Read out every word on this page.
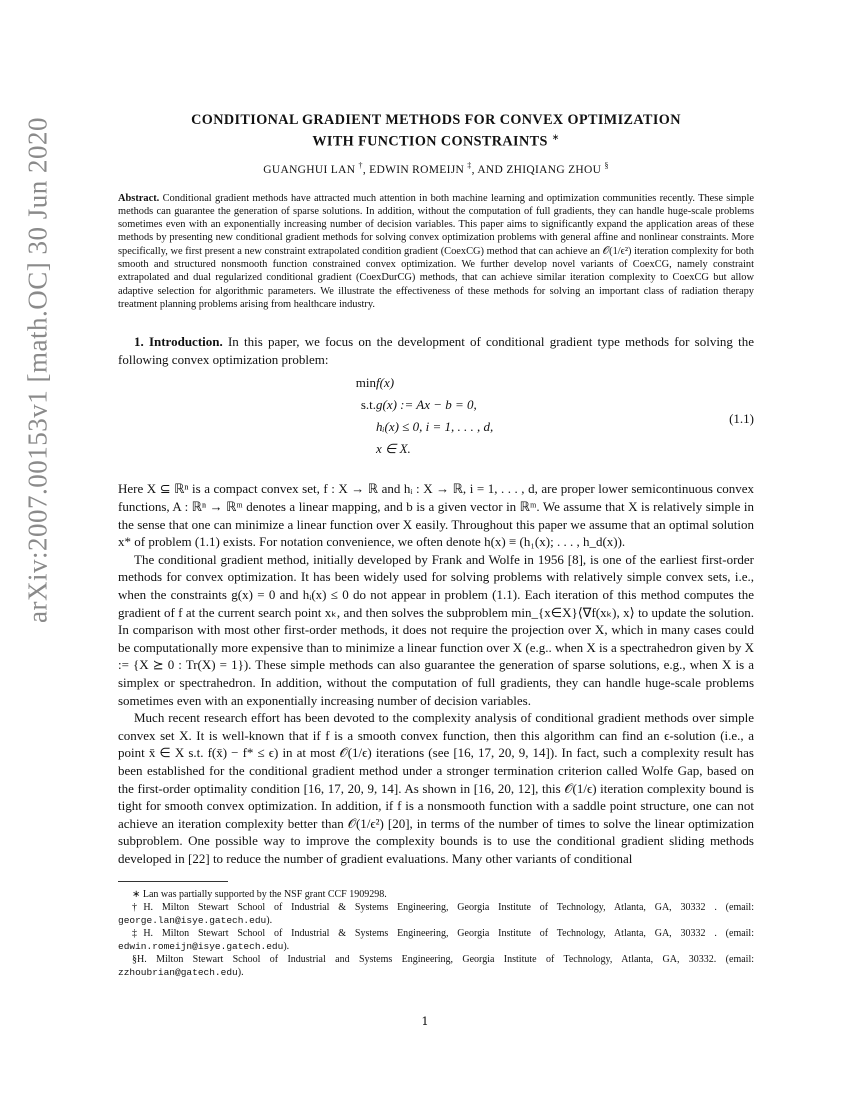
arXiv:2007.00153v1 [math.OC] 30 Jun 2020	CONDITIONAL GRADIENT METHODS FOR CONVEX OPTIMIZATION
WITH FUNCTION CONSTRAINTS ∗
GUANGHUI LAN †, EDWIN ROMEIJN ‡, AND ZHIQIANG ZHOU §
Abstract. Conditional gradient methods have attracted much attention in both machine learning and optimization communities recently. These simple methods can guarantee the generation of sparse solutions. In addition, without the computation of full gradients, they can handle huge-scale problems sometimes even with an exponentially increasing number of decision variables. This paper aims to significantly expand the application areas of these methods by presenting new conditional gradient methods for solving convex optimization problems with general affine and nonlinear constraints. More specifically, we first present a new constraint extrapolated condition gradient (CoexCG) method that can achieve an 𝒪(1/ϵ²) iteration complexity for both smooth and structured nonsmooth function constrained convex optimization. We further develop novel variants of CoexCG, namely constraint extrapolated and dual regularized conditional gradient (CoexDurCG) methods, that can achieve similar iteration complexity to CoexCG but allow adaptive selection for algorithmic parameters. We illustrate the effectiveness of these methods for solving an important class of radiation therapy treatment planning problems arising from healthcare industry.

1. Introduction. In this paper, we focus on the development of conditional gradient type methods for solving the following convex optimization problem:

min
s.t.
f(x)
g(x) := Ax − b = 0,
hᵢ(x) ≤ 0, i = 1, . . . , d,
x ∈ X.
(1.1)

Here X ⊆ ℝⁿ is a compact convex set, f : X → ℝ and hᵢ : X → ℝ, i = 1, . . . , d, are proper lower semicontinuous convex functions, A : ℝⁿ → ℝᵐ denotes a linear mapping, and b is a given vector in ℝᵐ. We assume that X is relatively simple in the sense that one can minimize a linear function over X easily. Throughout this paper we assume that an optimal solution x* of problem (1.1) exists. For notation convenience, we often denote h(x) ≡ (h₁(x); . . . , h_d(x)).

The conditional gradient method, initially developed by Frank and Wolfe in 1956 [8], is one of the earliest first-order methods for convex optimization. It has been widely used for solving problems with relatively simple convex sets, i.e., when the constraints g(x) = 0 and hᵢ(x) ≤ 0 do not appear in problem (1.1). Each iteration of this method computes the gradient of f at the current search point xₖ, and then solves the subproblem min_{x∈X}⟨∇f(xₖ), x⟩ to update the solution. In comparison with most other first-order methods, it does not require the projection over X, which in many cases could be computationally more expensive than to minimize a linear function over X (e.g.. when X is a spectrahedron given by X := {X ⪰ 0 : Tr(X) = 1}). These simple methods can also guarantee the generation of sparse solutions, e.g., when X is a simplex or spectrahedron. In addition, without the computation of full gradients, they can handle huge-scale problems sometimes even with an exponentially increasing number of decision variables.

Much recent research effort has been devoted to the complexity analysis of conditional gradient methods over simple convex set X. It is well-known that if f is a smooth convex function, then this algorithm can find an ϵ-solution (i.e., a point x̄ ∈ X s.t. f(x̄) − f* ≤ ϵ) in at most 𝒪(1/ϵ) iterations (see [16, 17, 20, 9, 14]). In fact, such a complexity result has been established for the conditional gradient method under a stronger termination criterion called Wolfe Gap, based on the first-order optimality condition [16, 17, 20, 9, 14]. As shown in [16, 20, 12], this 𝒪(1/ϵ) iteration complexity bound is tight for smooth convex optimization. In addition, if f is a nonsmooth function with a saddle point structure, one can not achieve an iteration complexity better than 𝒪(1/ϵ²) [20], in terms of the number of times to solve the linear optimization subproblem. One possible way to improve the complexity bounds is to use the conditional gradient sliding methods developed in [22] to reduce the number of gradient evaluations. Many other variants of conditional

∗ Lan was partially supported by the NSF grant CCF 1909298.

†H. Milton Stewart School of Industrial & Systems Engineering, Georgia Institute of Technology, Atlanta, GA, 30332 . (email: george.lan@isye.gatech.edu).

‡H. Milton Stewart School of Industrial & Systems Engineering, Georgia Institute of Technology, Atlanta, GA, 30332 . (email: edwin.romeijn@isye.gatech.edu).

§H. Milton Stewart School of Industrial and Systems Engineering, Georgia Institute of Technology, Atlanta, GA, 30332. (email: zzhoubrian@gatech.edu).

1
